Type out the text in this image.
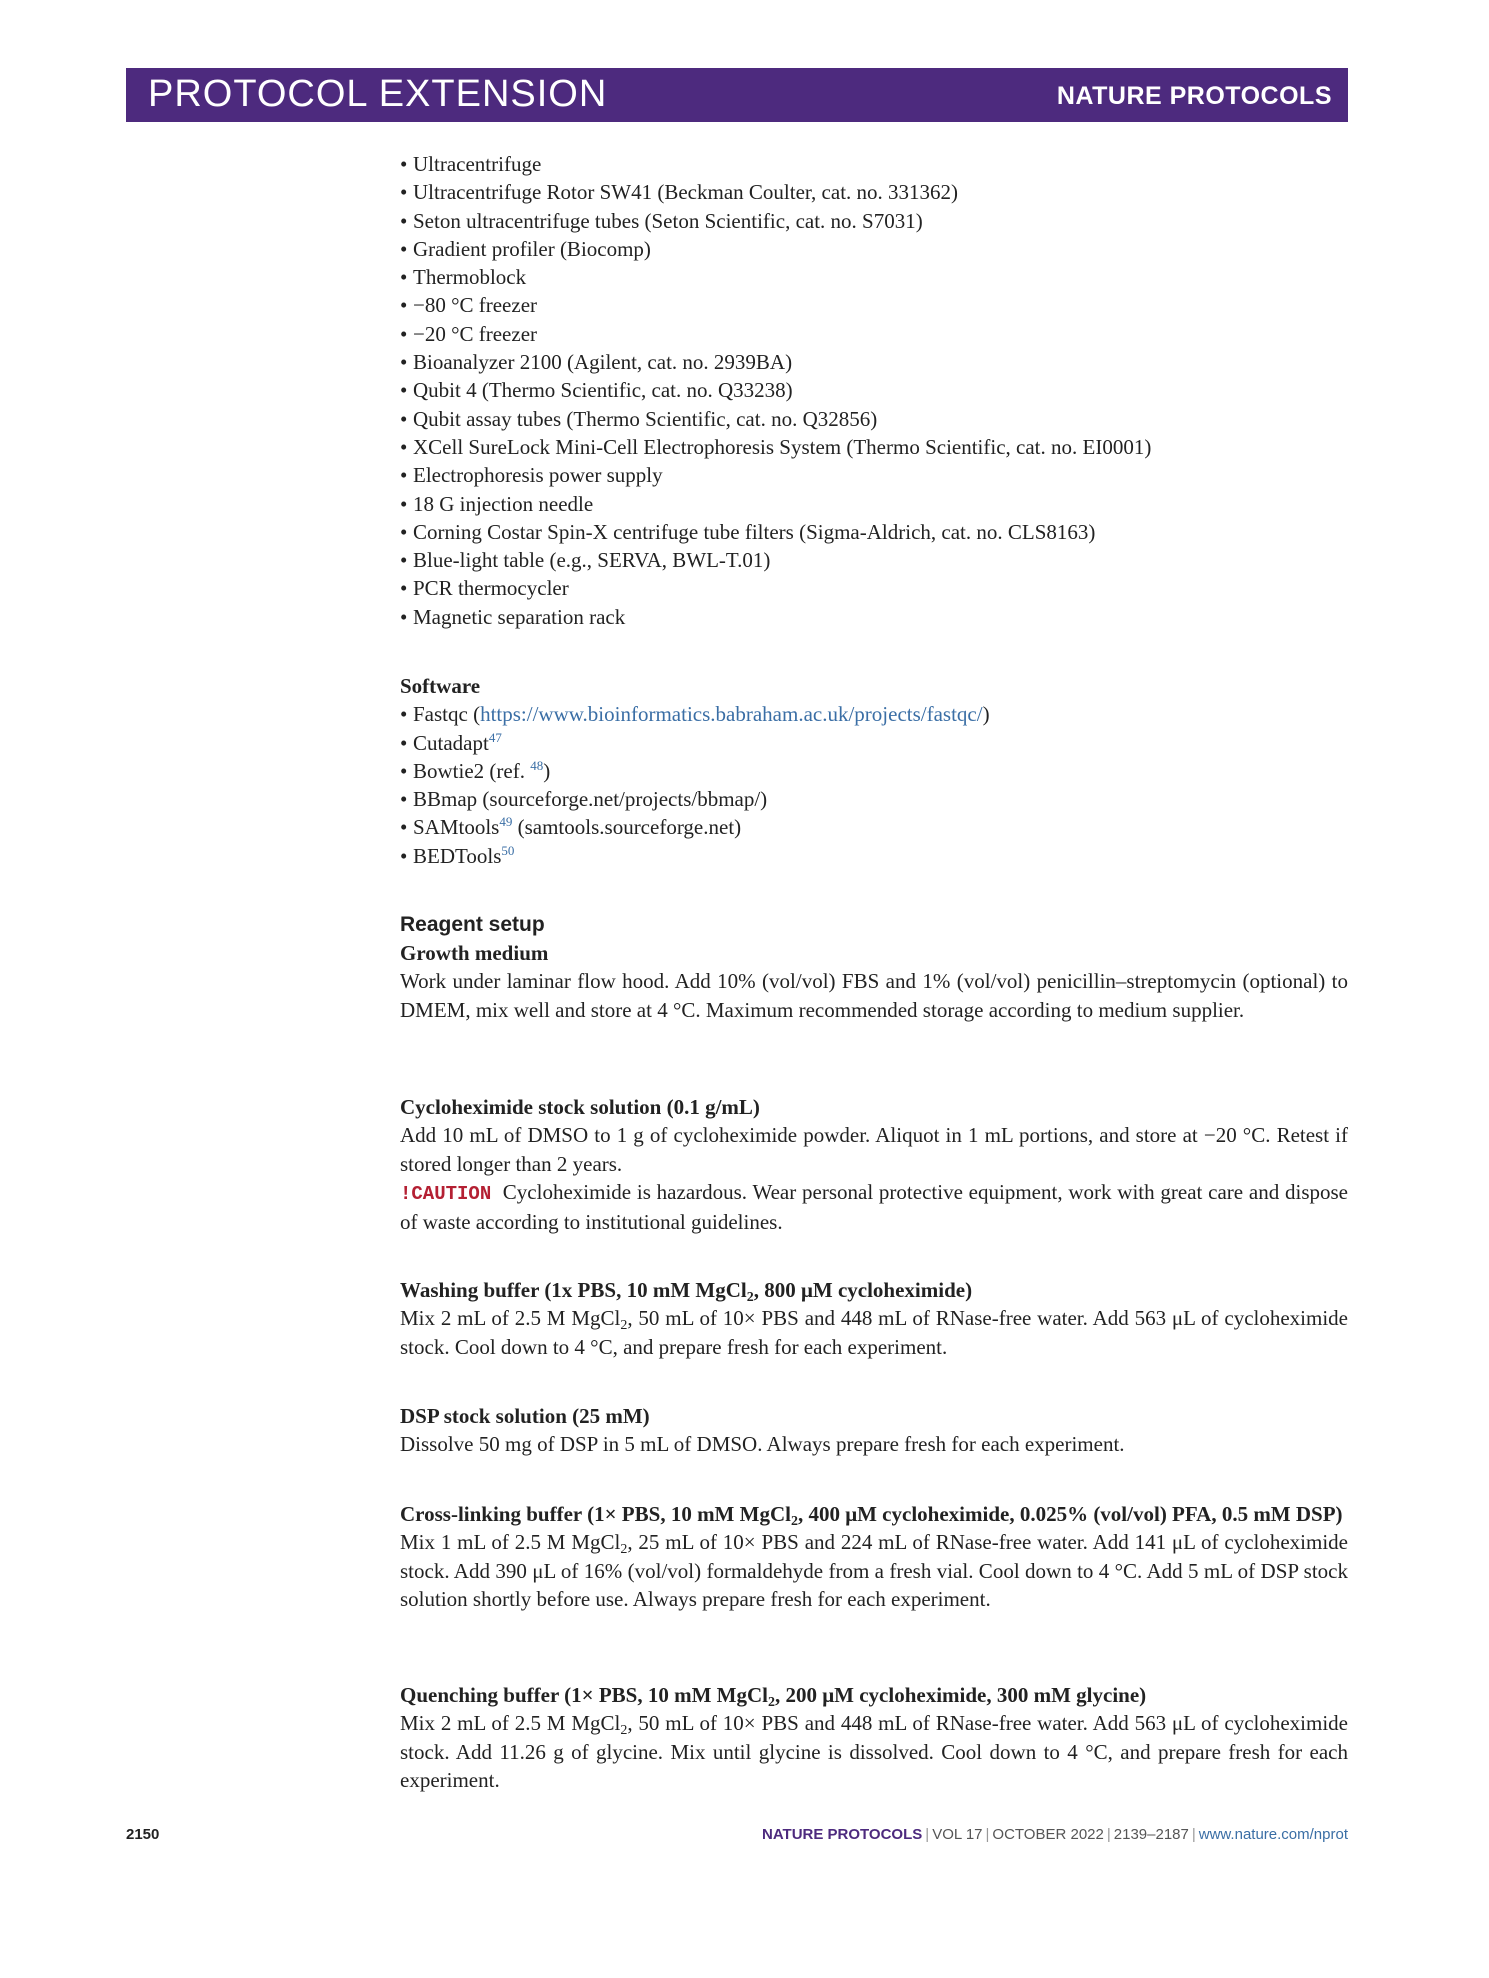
PROTOCOL EXTENSION	NATURE PROTOCOLS
• Ultracentrifuge
• Ultracentrifuge Rotor SW41 (Beckman Coulter, cat. no. 331362)
• Seton ultracentrifuge tubes (Seton Scientific, cat. no. S7031)
• Gradient profiler (Biocomp)
• Thermoblock
• −80 °C freezer
• −20 °C freezer
• Bioanalyzer 2100 (Agilent, cat. no. 2939BA)
• Qubit 4 (Thermo Scientific, cat. no. Q33238)
• Qubit assay tubes (Thermo Scientific, cat. no. Q32856)
• XCell SureLock Mini-Cell Electrophoresis System (Thermo Scientific, cat. no. EI0001)
• Electrophoresis power supply
• 18 G injection needle
• Corning Costar Spin-X centrifuge tube filters (Sigma-Aldrich, cat. no. CLS8163)
• Blue-light table (e.g., SERVA, BWL-T.01)
• PCR thermocycler
• Magnetic separation rack
Software
• Fastqc (https://www.bioinformatics.babraham.ac.uk/projects/fastqc/)
• Cutadapt$^{47}$
• Bowtie2 (ref. $^{48}$)
• BBmap (sourceforge.net/projects/bbmap/)
• SAMtools$^{49}$ (samtools.sourceforge.net)
• BEDTools$^{50}$
Reagent setup
Growth medium
Work under laminar flow hood. Add 10% (vol/vol) FBS and 1% (vol/vol) penicillin–streptomycin (optional) to DMEM, mix well and store at 4 °C. Maximum recommended storage according to medium supplier.
Cycloheximide stock solution (0.1 g/mL)
Add 10 mL of DMSO to 1 g of cycloheximide powder. Aliquot in 1 mL portions, and store at −20 °C. Retest if stored longer than 2 years.
!CAUTION Cycloheximide is hazardous. Wear personal protective equipment, work with great care and dispose of waste according to institutional guidelines.
Washing buffer (1x PBS, 10 mM MgCl$_2$, 800 μM cycloheximide)
Mix 2 mL of 2.5 M MgCl$_2$, 50 mL of 10× PBS and 448 mL of RNase-free water. Add 563 μL of cycloheximide stock. Cool down to 4 °C, and prepare fresh for each experiment.
DSP stock solution (25 mM)
Dissolve 50 mg of DSP in 5 mL of DMSO. Always prepare fresh for each experiment.
Cross-linking buffer (1× PBS, 10 mM MgCl$_2$, 400 μM cycloheximide, 0.025% (vol/vol) PFA, 0.5 mM DSP)
Mix 1 mL of 2.5 M MgCl$_2$, 25 mL of 10× PBS and 224 mL of RNase-free water. Add 141 μL of cycloheximide stock. Add 390 μL of 16% (vol/vol) formaldehyde from a fresh vial. Cool down to 4 °C. Add 5 mL of DSP stock solution shortly before use. Always prepare fresh for each experiment.
Quenching buffer (1× PBS, 10 mM MgCl$_2$, 200 μM cycloheximide, 300 mM glycine)
Mix 2 mL of 2.5 M MgCl$_2$, 50 mL of 10× PBS and 448 mL of RNase-free water. Add 563 μL of cycloheximide stock. Add 11.26 g of glycine. Mix until glycine is dissolved. Cool down to 4 °C, and prepare fresh for each experiment.
2150	NATURE PROTOCOLS | VOL 17 | OCTOBER 2022 | 2139–2187 | www.nature.com/nprot
